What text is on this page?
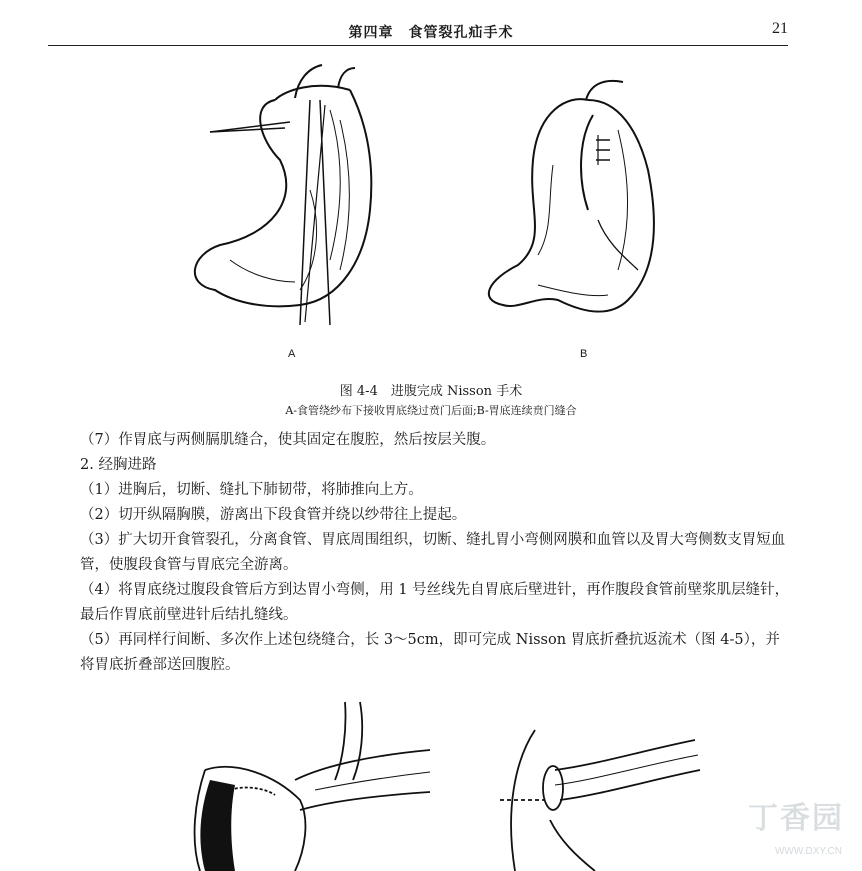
第四章　食管裂孔疝手术	21
A	B
图 4-4　进腹完成 Nisson 手术
A-食管绕纱布下接收胃底绕过贲门后面;B-胃底连续贲门缝合

（7）作胃底与两侧膈肌缝合，使其固定在腹腔，然后按层关腹。

2. 经胸进路

（1）进胸后，切断、缝扎下肺韧带，将肺推向上方。

（2）切开纵隔胸膜，游离出下段食管并绕以纱带往上提起。

（3）扩大切开食管裂孔，分离食管、胃底周围组织，切断、缝扎胃小弯侧网膜和血管以及胃大弯侧数支胃短血管，使腹段食管与胃底完全游离。

（4）将胃底绕过腹段食管后方到达胃小弯侧，用 1 号丝线先自胃底后壁进针，再作腹段食管前壁浆肌层缝针，最后作胃底前壁进针后结扎缝线。

（5）再同样行间断、多次作上述包绕缝合，长 3～5cm，即可完成 Nisson 胃底折叠抗返流术（图 4-5），并将胃底折叠部送回腹腔。

丁香园
WWW.DXY.CN
